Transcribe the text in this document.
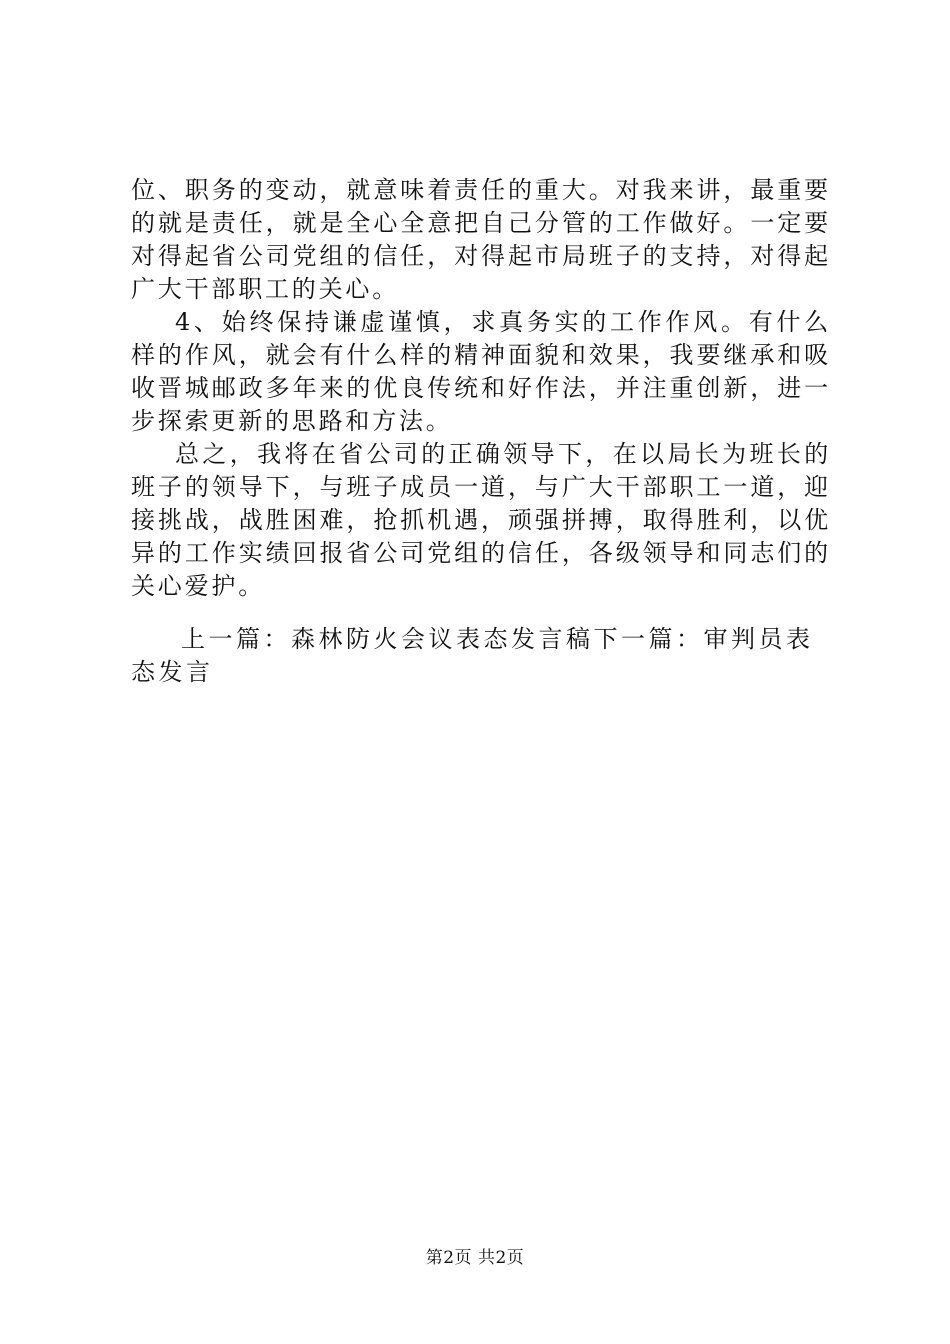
位、职务的变动，就意味着责任的重大。对我来讲，最重要的就是责任，就是全心全意把自己分管的工作做好。一定要对得起省公司党组的信任，对得起市局班子的支持，对得起广大干部职工的关心。

4、始终保持谦虚谨慎，求真务实的工作作风。有什么样的作风，就会有什么样的精神面貌和效果，我要继承和吸收晋城邮政多年来的优良传统和好作法，并注重创新，进一步探索更新的思路和方法。

总之，我将在省公司的正确领导下，在以局长为班长的班子的领导下，与班子成员一道，与广大干部职工一道，迎接挑战，战胜困难，抢抓机遇，顽强拼搏，取得胜利，以优异的工作实绩回报省公司党组的信任，各级领导和同志们的关心爱护。

上一篇：森林防火会议表态发言稿下一篇：审判员表态发言
第2页 共2页
